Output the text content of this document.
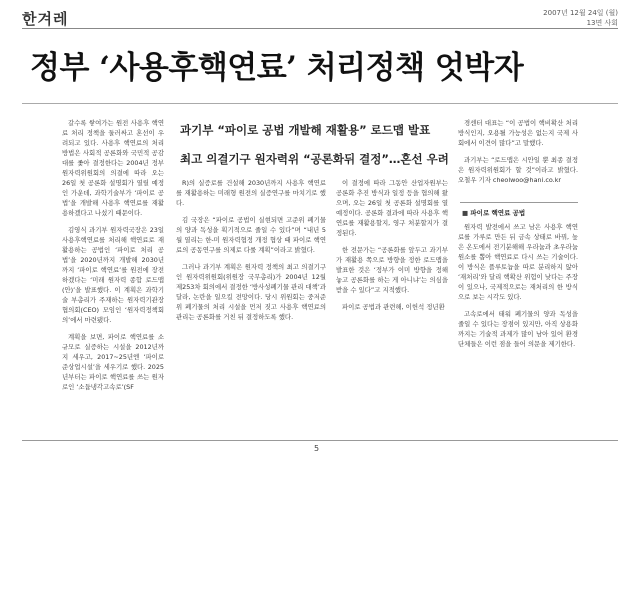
한겨레	2007년 12월 24일 (월)
13면 사회
정부 ‘사용후핵연료’ 처리정책 엇박자
과기부 “파이로 공법 개발해 재활용” 로드맵 발표
최고 의결기구 원자력위 “공론화뒤 결정”…혼선 우려

갈수록 쌓여가는 원전 사용후 핵연료 처리 정책을 둘러싸고 혼선이 우려되고 있다. 사용후 핵연료의 처리 방법은 사회적 공론화와 국민적 공감대를 좇아 결정한다는 2004년 정부 원자력위원회의 의결에 따라 오는 26일 첫 공론화 설명회가 열릴 예정인 가운데, 과학기술부가 ‘파이로 공법’을 개발해 사용후 핵연료를 재활용하겠다고 나섰기 때문이다.

김영식 과기부 원자력국장은 23일 사용후핵연료를 처리해 핵연료로 재활용하는 공법인 ‘파이로 처리 공법’을 2020년까지 개발해 2030년까지 ‘파이로 핵연료’를 원전에 장전하겠다는 ‘미래 원자력 종합 로드맵(안)’을 발표했다. 이 계획은 과학기술 부총리가 주재하는 원자력기관장협의회(CEO) 모임인 ‘원자력정책회의’에서 마련됐다.

계획을 보면, 파이로 핵연료를 소규모로 실증하는 시설을 2012년까지 세우고, 2017~25년엔 ‘파이로 준상업시설’을 세우기로 했다. 2025년부터는 파이로 핵연료를 쓰는 원자로인 ‘소듐냉각고속로’(SF

R)의 실증로를 건설해 2030년까지 사용후 핵연료를 재활용하는 미래형 원전의 실증연구를 마치기로 했다.

김 국장은 “파이로 공법이 실현되면 고준위 폐기물의 양과 독성을 획기적으로 줄일 수 있다”며 “내년 5월 열리는 한-미 원자력협정 개정 협상 때 파이로 핵연료의 공동연구를 의제로 다룰 계획”이라고 밝혔다.

그러나 과기부 계획은 원자력 정책의 최고 의결기구인 원자력위원회(위원장 국무총리)가 2004년 12월 제253차 회의에서 결정한 ‘방사성폐기물 관리 대책’과 달라, 논란을 일으킬 전망이다. 당시 위원회는 중저준위 폐기물의 처리 시설을 먼저 짓고 사용후 핵연료의 관리는 공론화를 거친 뒤 결정하도록 했다.

이 결정에 따라 그동안 산업자원부는 공론화 추진 방식과 일정 등을 협의해 왔으며, 오는 26일 첫 공론화 설명회를 열 예정이다. 공론화 결과에 따라 사용후 핵연료를 재활용할지, 영구 처분할지가 결정된다.

한 전문가는 “공론화를 앞두고 과기부가 재활용 쪽으로 방향을 정한 로드맵을 발표한 것은 ‘정부가 이미 방향을 정해 놓고 공론화를 하는 게 아니냐’는 의심을 받을 수 있다”고 지적했다.

파이로 공법과 관련해, 이헌석 정년환

경센터 대표는 “이 공법이 핵비확산 처리 방식인지, 오용될 가능성은 없는지 국제 사회에서 이견이 많다”고 말했다.

과기부는 “로드맵은 시안일 뿐 최종 결정은 원자력위원회가 할 것”이라고 밝혔다. 오철우 기자 cheolwoo@hani.co.kr

■ 파이로 핵연료 공법

원자력 발전에서 쓰고 남은 사용후 핵연료를 가루로 만든 뒤 금속 상태로 바꿔, 높은 온도에서 전기분해해 우라늄과 초우라늄 원소를 뽑아 핵연료로 다시 쓰는 기술이다. 이 방식은 플루토늄을 따로 분리하지 않아 ‘재처리’와 달리 핵확산 위험이 낮다는 주장이 있으나, 국제적으로는 재처리의 한 방식으로 보는 시각도 있다.

고속로에서 태워 폐기물의 양과 독성을 줄일 수 있다는 장점이 있지만, 아직 상용화까지는 기술적 과제가 많이 남아 있어 환경단체들은 이런 점을 들어 의문을 제기한다.

5
